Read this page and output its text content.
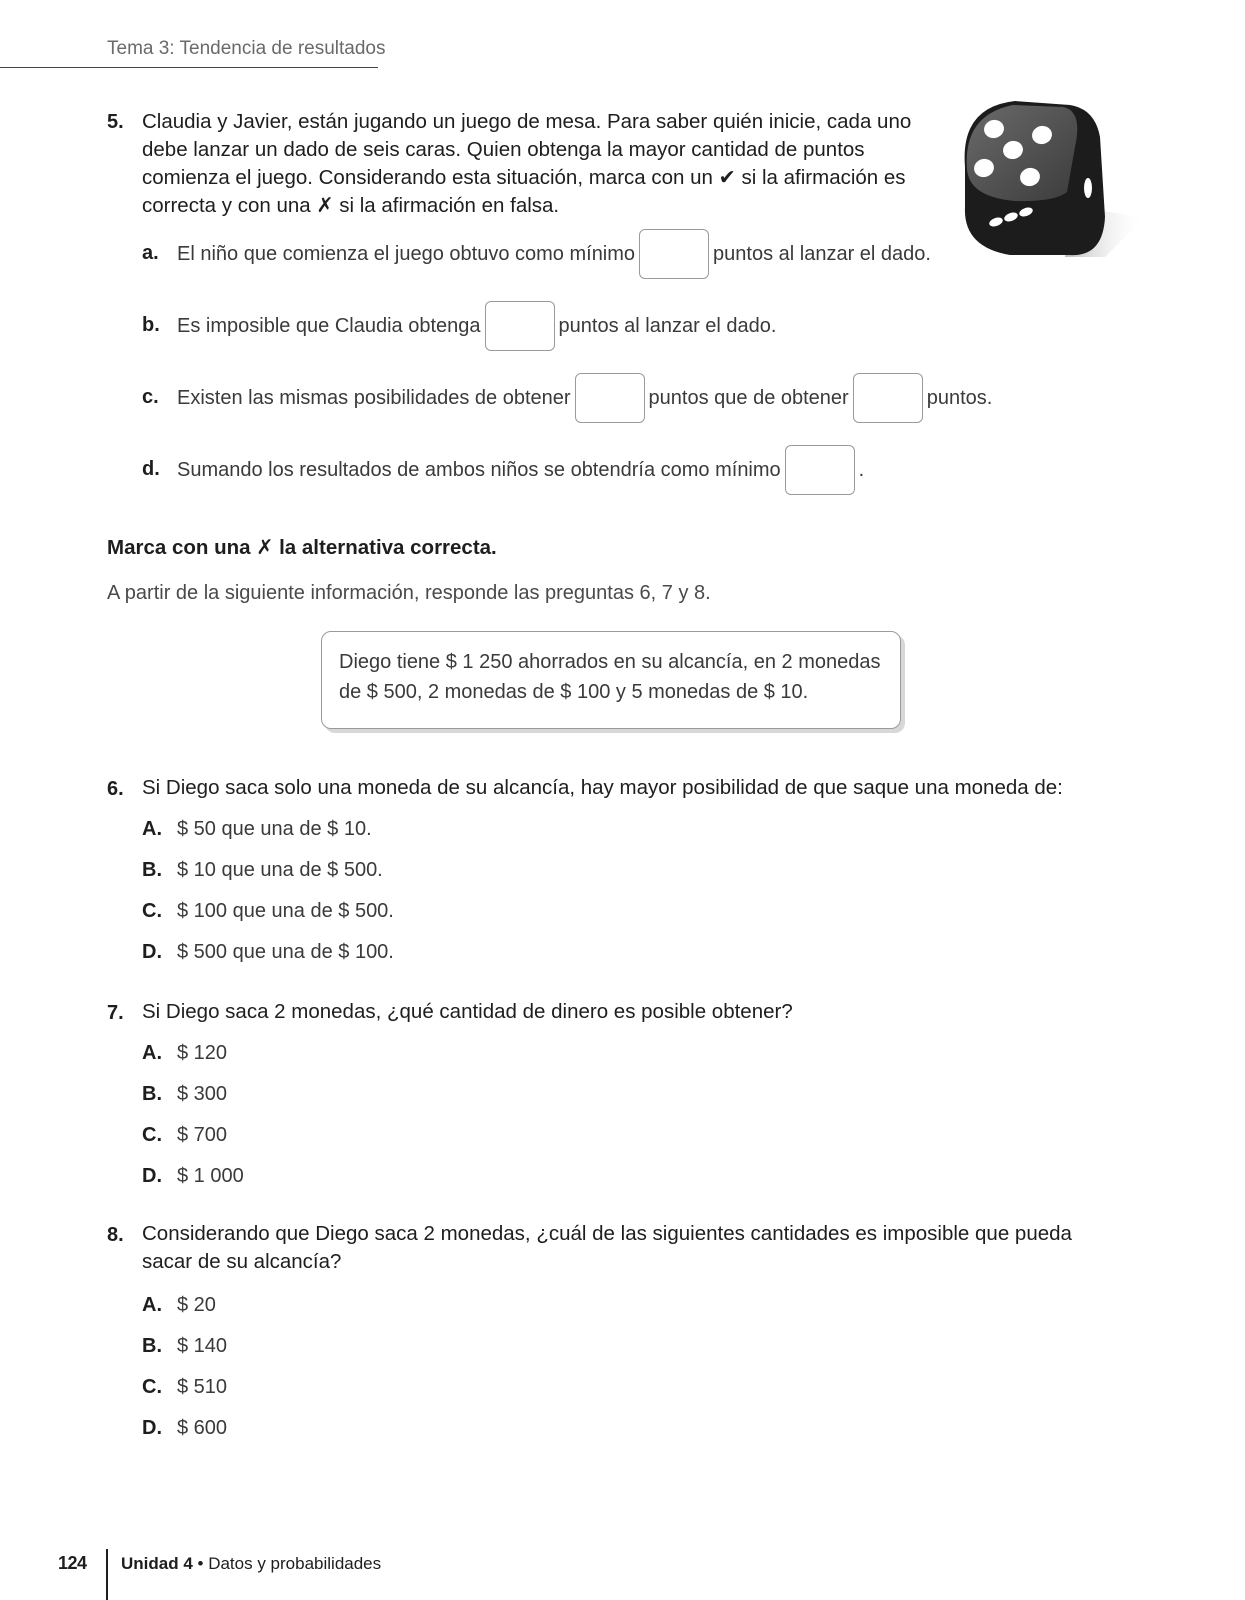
Tema 3: Tendencia de resultados
5. Claudia y Javier, están jugando un juego de mesa. Para saber quién inicie, cada uno
debe lanzar un dado de seis caras. Quien obtenga la mayor cantidad de puntos
comienza el juego. Considerando esta situación, marca con un ✔ si la afirmación es
correcta y con una ✗ si la afirmación en falsa.
a. El niño que comienza el juego obtuvo como mínimo	puntos al lanzar el dado.
b. Es imposible que Claudia obtenga	puntos al lanzar el dado.
c. Existen las mismas posibilidades de obtener	puntos que de obtener	puntos.
d. Sumando los resultados de ambos niños se obtendría como mínimo	.
Marca con una ✗ la alternativa correcta.
A partir de la siguiente información, responde las preguntas 6, 7 y 8.
Diego tiene $ 1 250 ahorrados en su alcancía, en 2 monedas
de $ 500, 2 monedas de $ 100 y 5 monedas de $ 10.
6. Si Diego saca solo una moneda de su alcancía, hay mayor posibilidad de que saque una moneda de:
A. $ 50 que una de $ 10.
B. $ 10 que una de $ 500.
C. $ 100 que una de $ 500.
D. $ 500 que una de $ 100.
7. Si Diego saca 2 monedas, ¿qué cantidad de dinero es posible obtener?
A. $ 120
B. $ 300
C. $ 700
D. $ 1 000
8. Considerando que Diego saca 2 monedas, ¿cuál de las siguientes cantidades es imposible que pueda
sacar de su alcancía?
A. $ 20
B. $ 140
C. $ 510
D. $ 600
124 Unidad 4 • Datos y probabilidades
